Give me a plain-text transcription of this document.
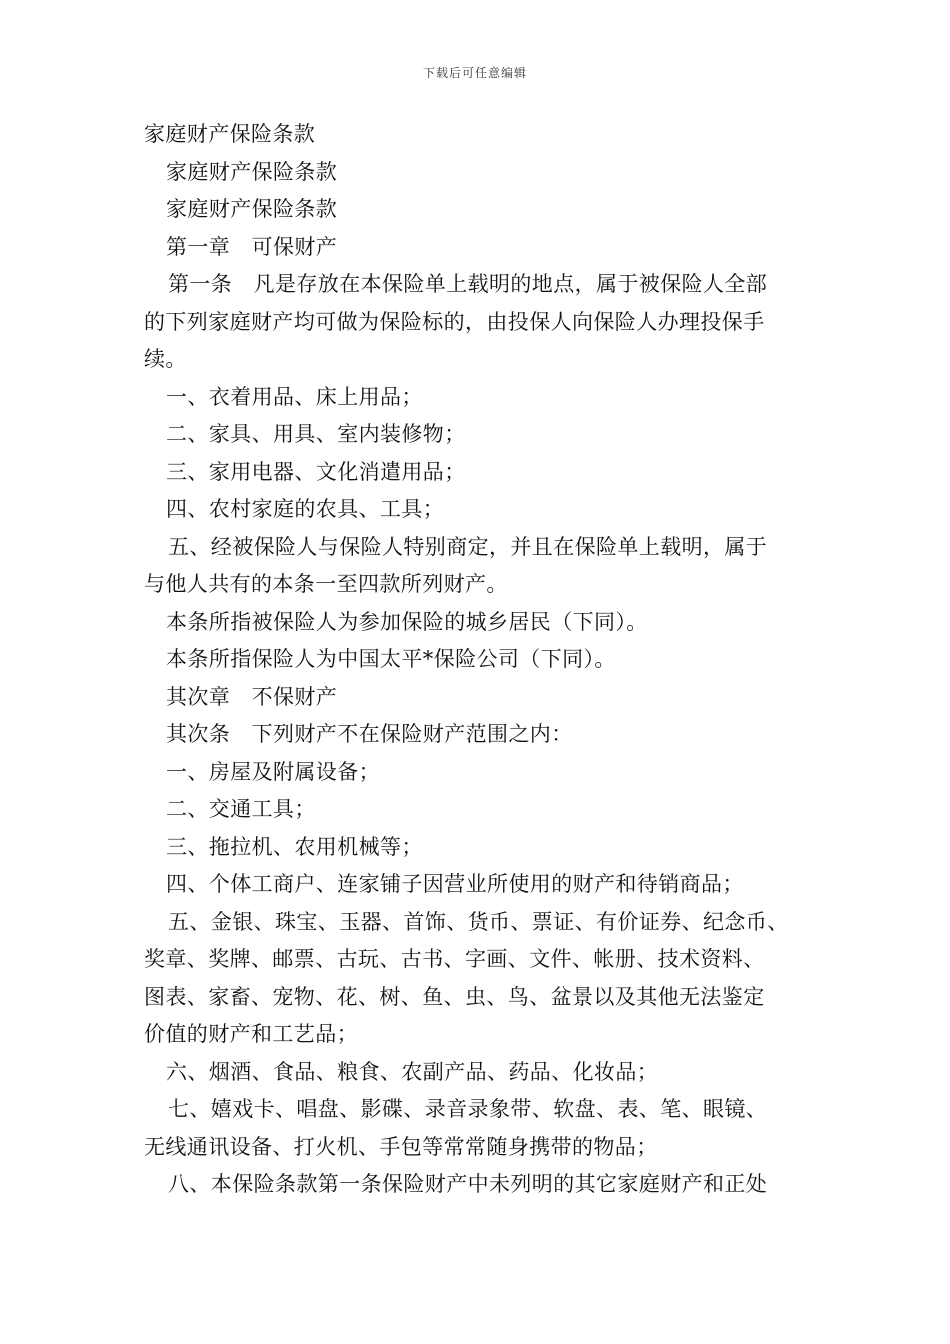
下载后可任意编辑
家庭财产保险条款
家庭财产保险条款
家庭财产保险条款
第一章　可保财产
第一条　凡是存放在本保险单上载明的地点，属于被保险人全部
的下列家庭财产均可做为保险标的，由投保人向保险人办理投保手
续。
一、衣着用品、床上用品；
二、家具、用具、室内装修物；
三、家用电器、文化消遣用品；
四、农村家庭的农具、工具；
五、经被保险人与保险人特别商定，并且在保险单上载明，属于
与他人共有的本条一至四款所列财产。
本条所指被保险人为参加保险的城乡居民（下同）。
本条所指保险人为中国太平*保险公司（下同）。
其次章　不保财产
其次条　下列财产不在保险财产范围之内：
一、房屋及附属设备；
二、交通工具；
三、拖拉机、农用机械等；
四、个体工商户、连家铺子因营业所使用的财产和待销商品；
五、金银、珠宝、玉器、首饰、货币、票证、有价证券、纪念币、
奖章、奖牌、邮票、古玩、古书、字画、文件、帐册、技术资料、
图表、家畜、宠物、花、树、鱼、虫、鸟、盆景以及其他无法鉴定
价值的财产和工艺品；
六、烟酒、食品、粮食、农副产品、药品、化妆品；
七、嬉戏卡、唱盘、影碟、录音录象带、软盘、表、笔、眼镜、
无线通讯设备、打火机、手包等常常随身携带的物品；
八、本保险条款第一条保险财产中未列明的其它家庭财产和正处
